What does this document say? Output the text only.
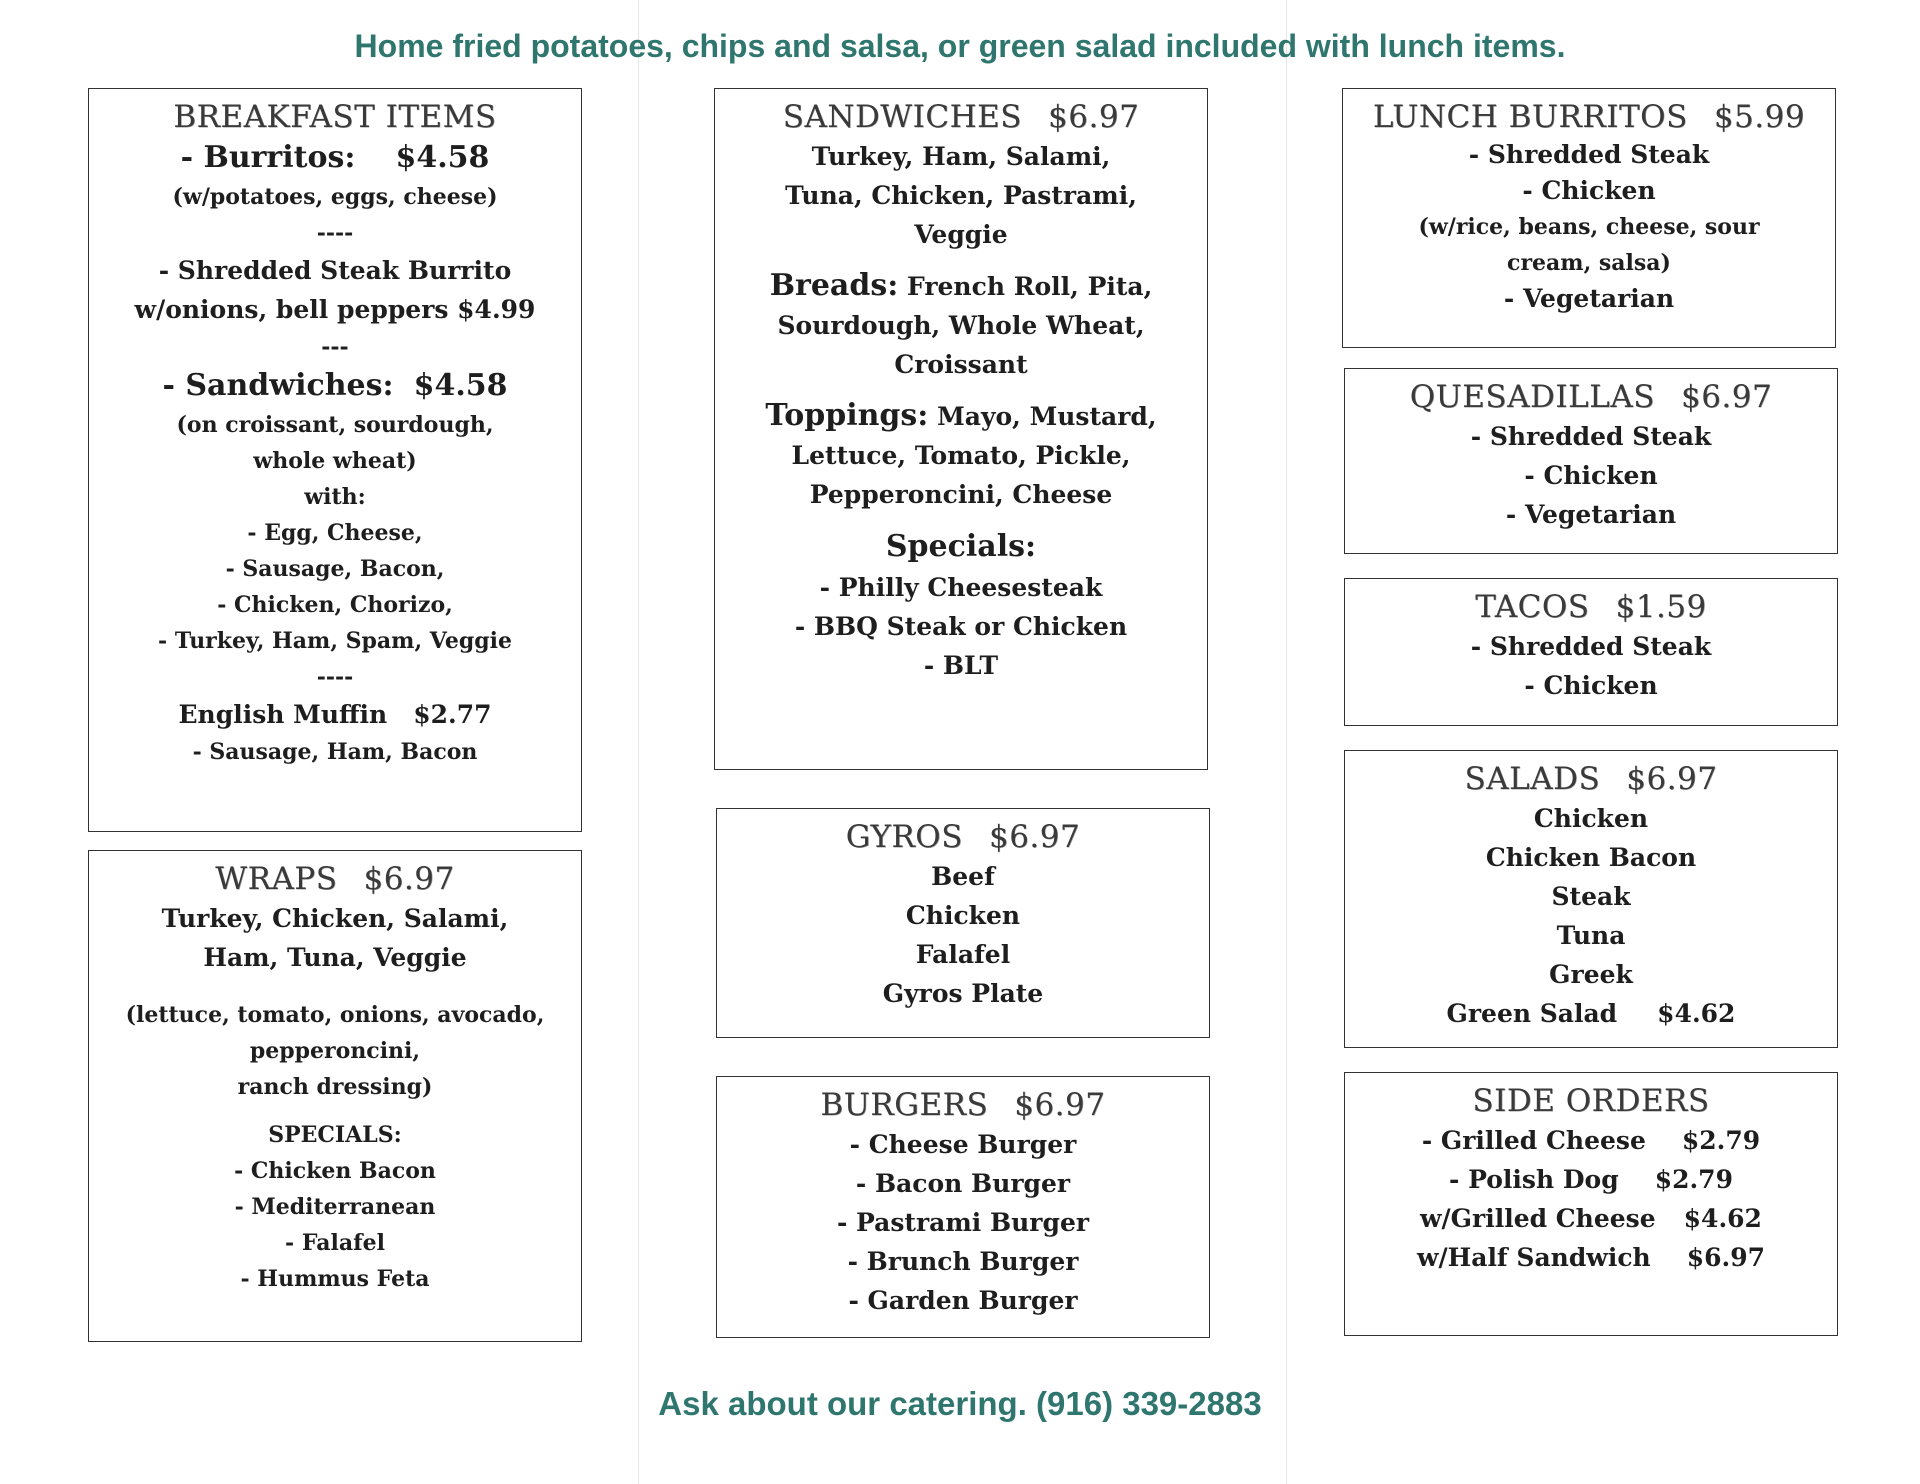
Home fried potatoes, chips and salsa, or green salad included with lunch items.
BREAKFAST ITEMS
- Burritos: $4.58
(w/potatoes, eggs, cheese)
----
- Shredded Steak Burrito
w/onions, bell peppers $4.99
---
- Sandwiches: $4.58
(on croissant, sourdough,
whole wheat)
with:
- Egg, Cheese,
- Sausage, Bacon,
- Chicken, Chorizo,
- Turkey, Ham, Spam, Veggie
----
English Muffin $2.77
- Sausage, Ham, Bacon
WRAPS $6.97
Turkey, Chicken, Salami,
Ham, Tuna, Veggie
(lettuce, tomato, onions, avocado,
pepperoncini,
ranch dressing)
SPECIALS:
- Chicken Bacon
- Mediterranean
- Falafel
- Hummus Feta
SANDWICHES $6.97
Turkey, Ham, Salami,
Tuna, Chicken, Pastrami,
Veggie
Breads: French Roll, Pita,
Sourdough, Whole Wheat,
Croissant
Toppings: Mayo, Mustard,
Lettuce, Tomato, Pickle,
Pepperoncini, Cheese
Specials:
- Philly Cheesesteak
- BBQ Steak or Chicken
- BLT
GYROS $6.97
Beef
Chicken
Falafel
Gyros Plate
BURGERS $6.97
- Cheese Burger
- Bacon Burger
- Pastrami Burger
- Brunch Burger
- Garden Burger
LUNCH BURRITOS $5.99
- Shredded Steak
- Chicken
(w/rice, beans, cheese, sour
cream, salsa)
- Vegetarian
QUESADILLAS $6.97
- Shredded Steak
- Chicken
- Vegetarian
TACOS $1.59
- Shredded Steak
- Chicken
SALADS $6.97
Chicken
Chicken Bacon
Steak
Tuna
Greek
Green Salad $4.62
SIDE ORDERS
- Grilled Cheese $2.79
- Polish Dog $2.79
w/Grilled Cheese $4.62
w/Half Sandwich $6.97
Ask about our catering. (916) 339-2883
